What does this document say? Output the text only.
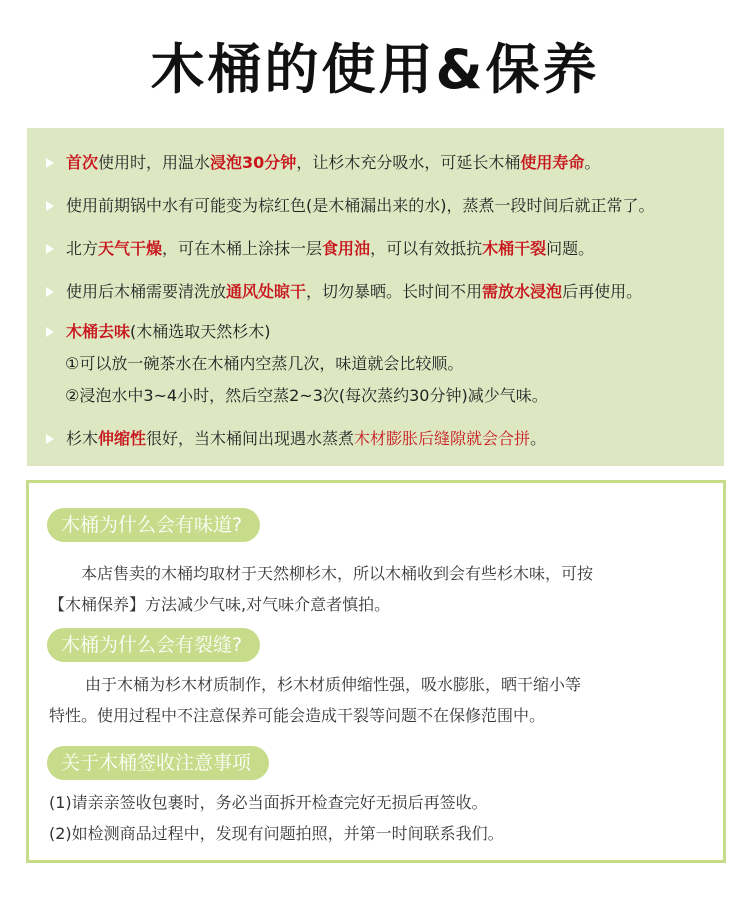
木桶的使用&保养
首次使用时，用温水浸泡30分钟，让杉木充分吸水，可延长木桶使用寿命。
使用前期锅中水有可能变为棕红色(是木桶漏出来的水)，蒸煮一段时间后就正常了。
北方天气干燥，可在木桶上涂抹一层食用油，可以有效抵抗木桶干裂问题。
使用后木桶需要清洗放通风处晾干，切勿暴晒。长时间不用需放水浸泡后再使用。
木桶去味(木桶选取天然杉木)
①可以放一碗茶水在木桶内空蒸几次，味道就会比较顺。
②浸泡水中3~4小时，然后空蒸2~3次(每次蒸约30分钟)减少气味。
杉木伸缩性很好，当木桶间出现遇水蒸煮木材膨胀后缝隙就会合拼。
木桶为什么会有味道?
本店售卖的木桶均取材于天然柳杉木，所以木桶收到会有些杉木味，可按
【木桶保养】方法减少气味,对气味介意者慎拍。
木桶为什么会有裂缝?
由于木桶为杉木材质制作，杉木材质伸缩性强，吸水膨胀，晒干缩小等
特性。使用过程中不注意保养可能会造成干裂等问题不在保修范围中。
关于木桶签收注意事项
(1)请亲亲签收包裹时，务必当面拆开检查完好无损后再签收。
(2)如检测商品过程中，发现有问题拍照，并第一时间联系我们。
